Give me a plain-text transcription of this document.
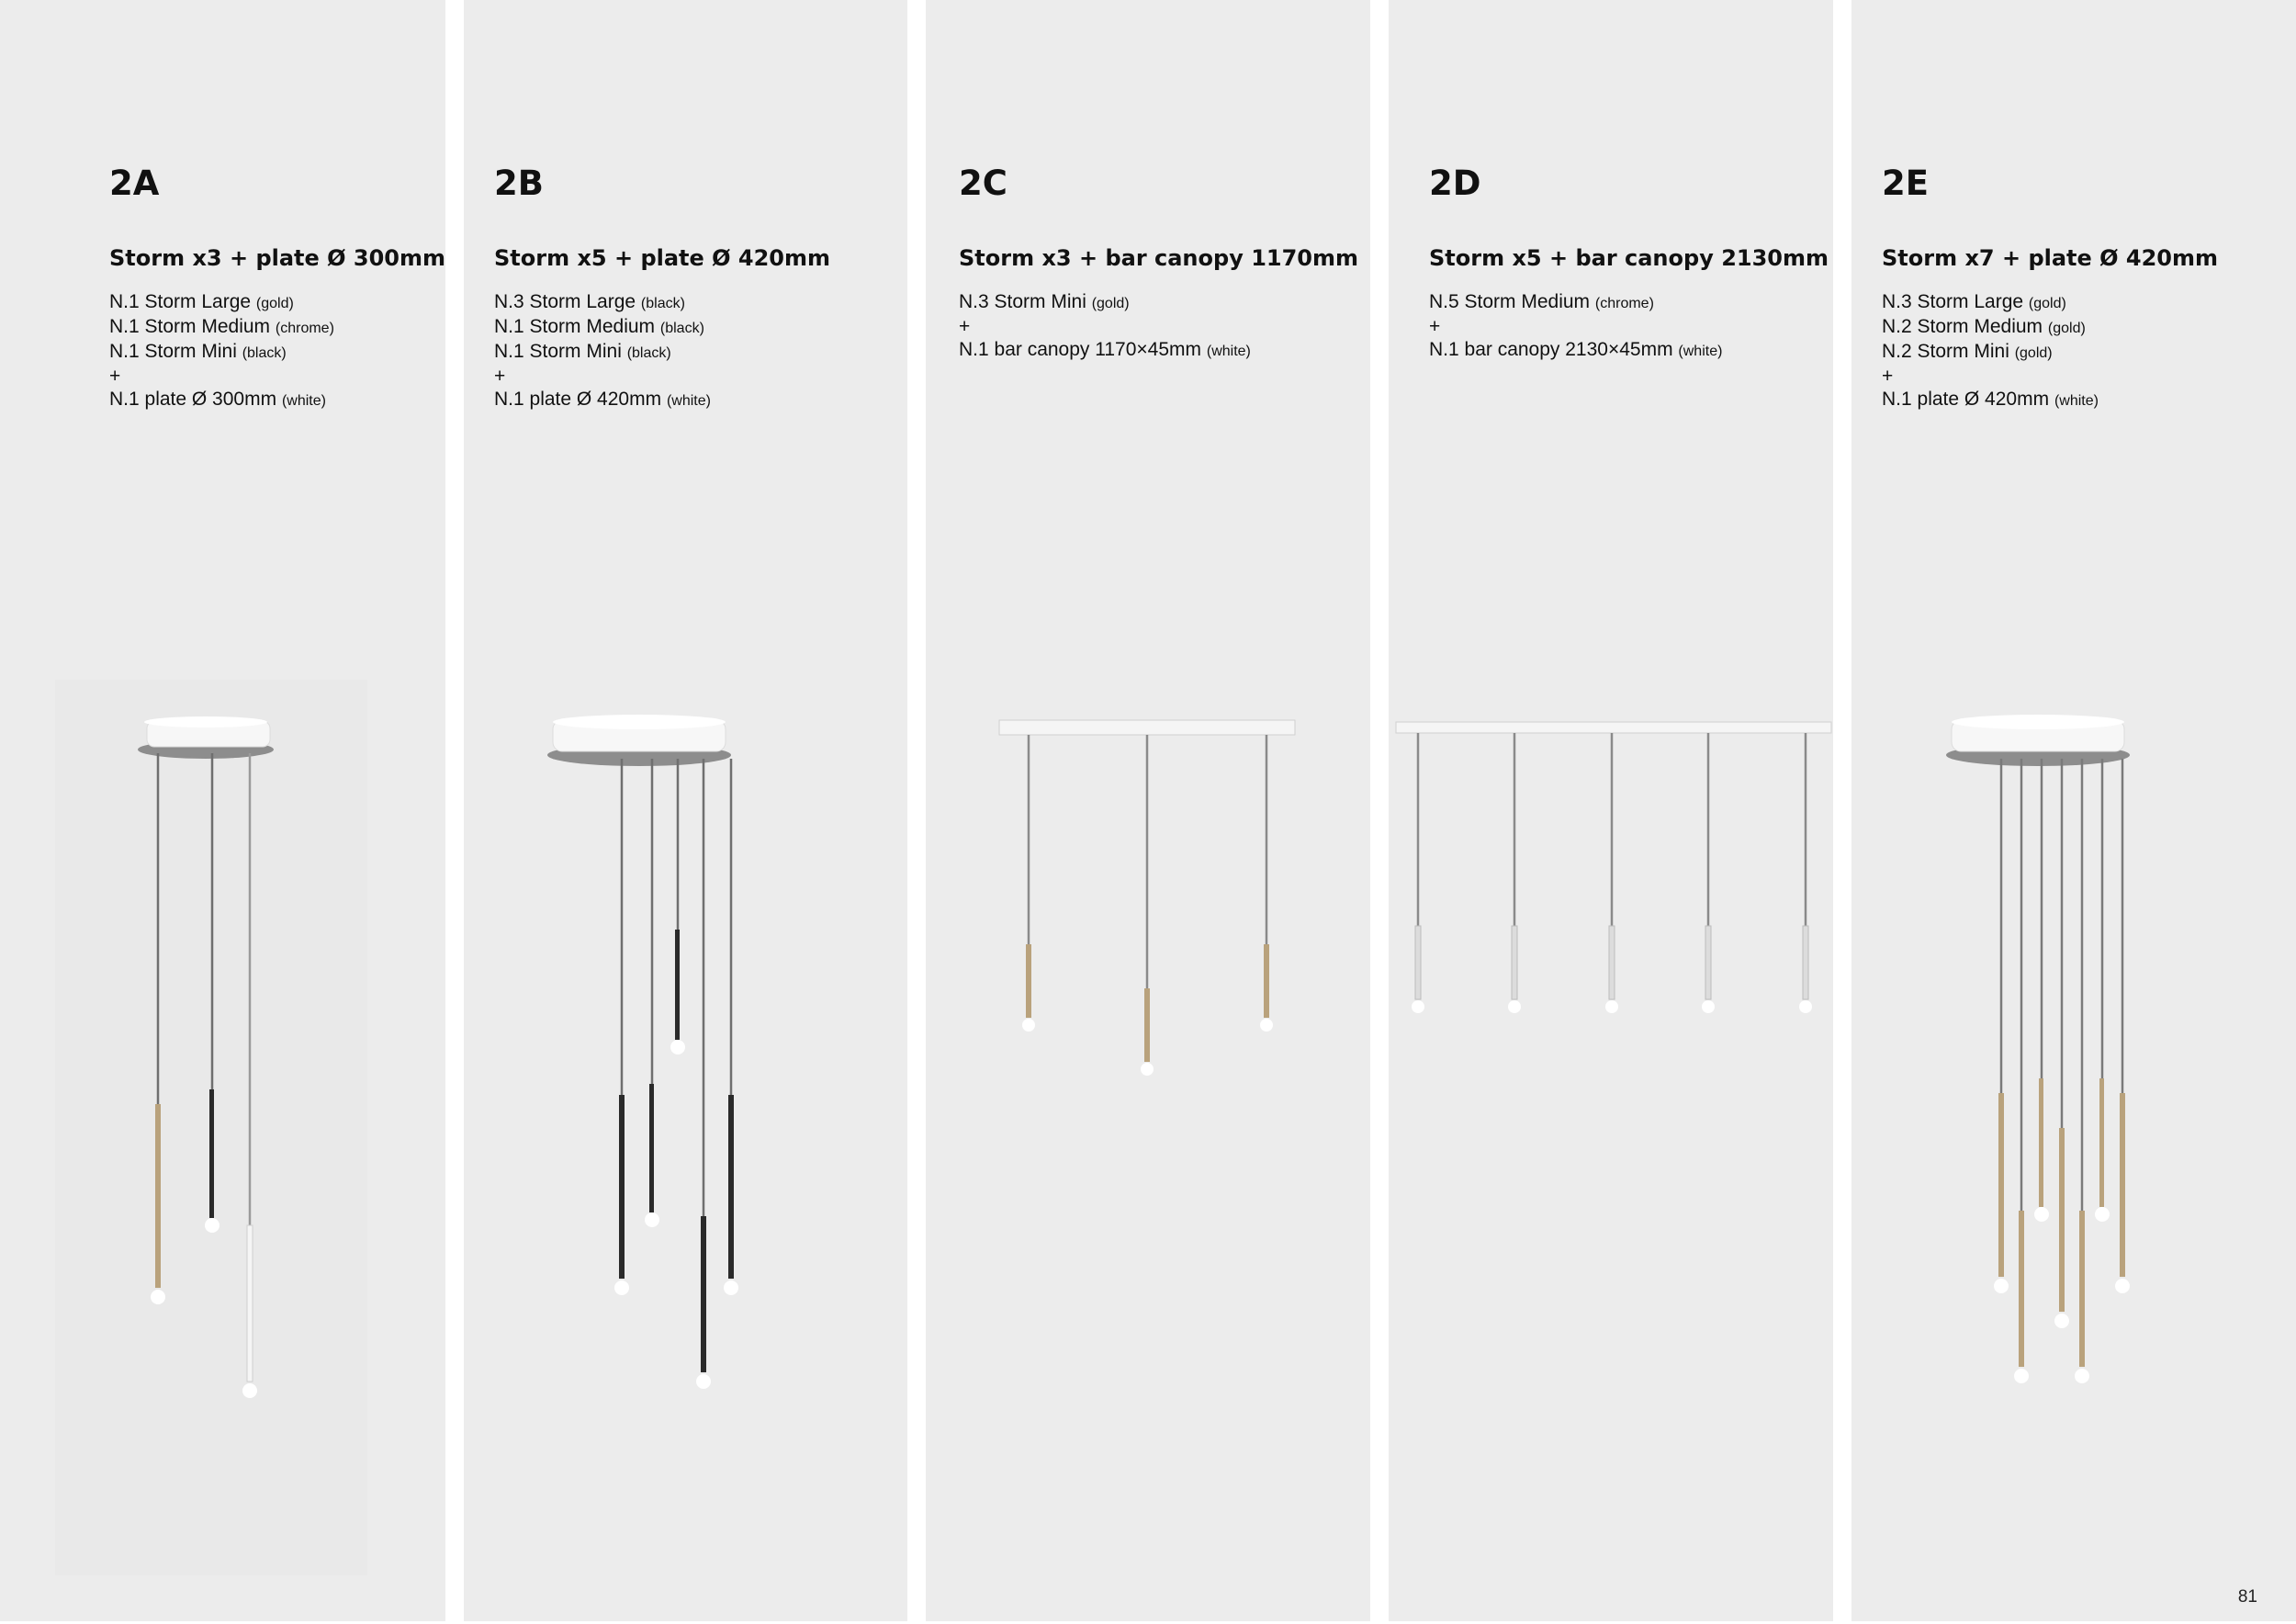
2A
Storm x3 + plate Ø 300mm
N.1 Storm Large (gold)
N.1 Storm Medium (chrome)
N.1 Storm Mini (black)
+
N.1 plate Ø 300mm (white)
2B
Storm x5 + plate Ø 420mm
N.3 Storm Large (black)
N.1 Storm Medium (black)
N.1 Storm Mini (black)
+
N.1 plate Ø 420mm (white)
2C
Storm x3 + bar canopy 1170mm
N.3 Storm Mini (gold)
+
N.1 bar canopy 1170×45mm (white)
2D
Storm x5 + bar canopy 2130mm
N.5 Storm Medium (chrome)
+
N.1 bar canopy 2130×45mm (white)
2E
Storm x7 + plate Ø 420mm
N.3 Storm Large (gold)
N.2 Storm Medium (gold)
N.2 Storm Mini (gold)
+
N.1 plate Ø 420mm (white)
81
